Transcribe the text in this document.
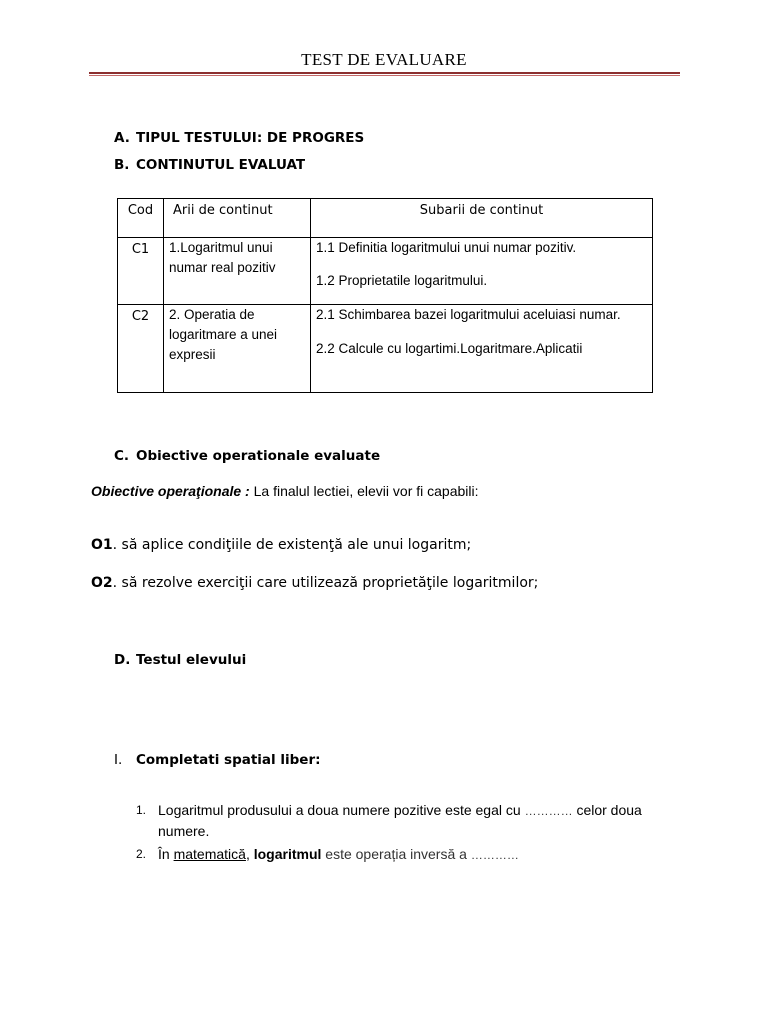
TEST DE EVALUARE
A. TIPUL TESTULUI: DE PROGRES
B. CONTINUTUL EVALUAT
Cod	Arii de continut	Subarii de continut
C1	1.Logaritmul unui numar real pozitiv	1.1 Definitia logaritmului unui numar pozitiv.
1.2 Proprietatile logaritmului.

C2	2. Operatia de logaritmare a unei expresii	2.1 Schimbarea bazei logaritmului aceluiasi numar.
2.2 Calcule cu logartimi.Logaritmare.Aplicatii
C. Obiective operationale evaluate
Obiective operaţionale : La finalul lectiei, elevii vor fi capabili:
O1. să aplice condiţiile de existenţă ale unui logaritm;
O2. să rezolve exerciţii care utilizează proprietăţile logaritmilor;
D. Testul elevului
I. Completati spatial liber:
1. Logaritmul produsului a doua numere pozitive este egal cu ………… celor doua numere.
2. În matematică, logaritmul este operația inversă a …………
